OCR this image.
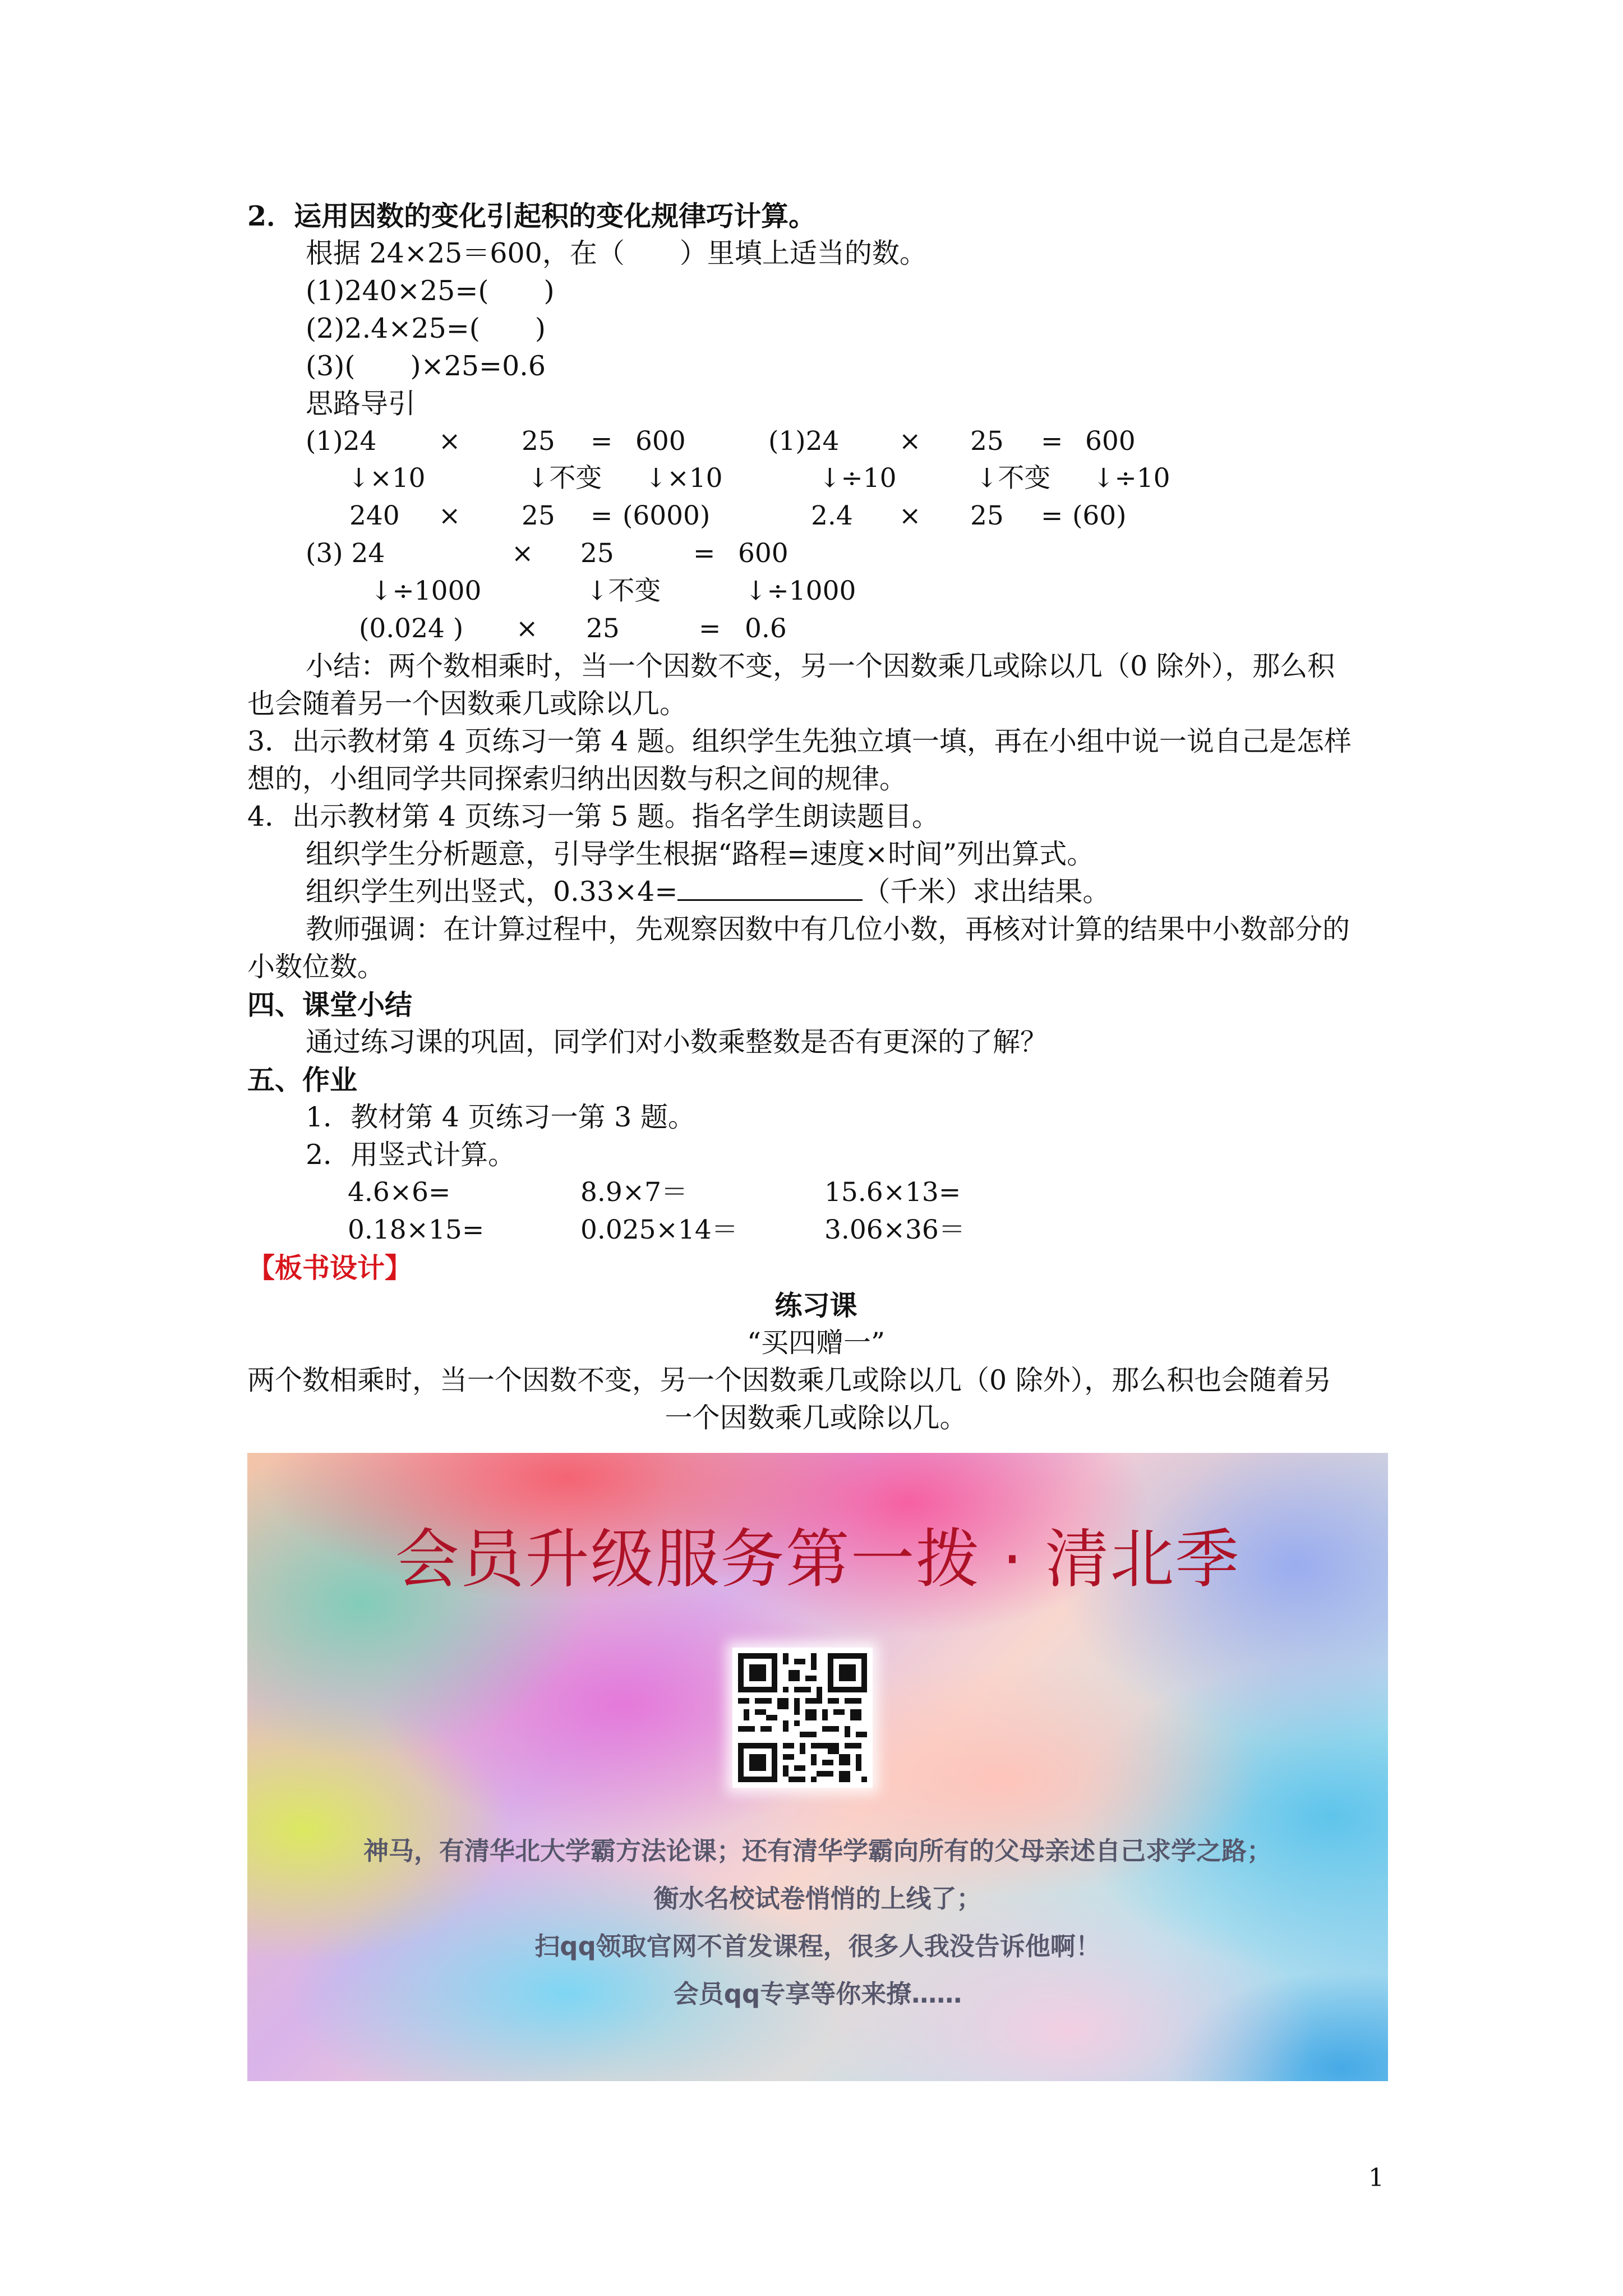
2．运用因数的变化引起积的变化规律巧计算。
根据 24×25＝600，在（　　）里填上适当的数。
(1)240×25=(　　)
(2)2.4×25=(　　)
(3)(　　)×25=0.6
思路导引
(1)24 × 25 = 600	(1)24 × 25 = 600
↓×10	↓不变 ↓×10	↓÷10	↓不变 ↓÷10
240 × 25 = (6000)	2.4 × 25 = (60)
(3) 24	× 25	= 600
↓÷1000	↓不变	↓÷1000
(0.024 ) × 25	= 0.6
小结：两个数相乘时，当一个因数不变，另一个因数乘几或除以几（0 除外），那么积
也会随着另一个因数乘几或除以几。
3．出示教材第 4 页练习一第 4 题。组织学生先独立填一填，再在小组中说一说自己是怎样
想的，小组同学共同探索归纳出因数与积之间的规律。
4．出示教材第 4 页练习一第 5 题。指名学生朗读题目。
组织学生分析题意，引导学生根据“路程=速度×时间”列出算式。
组织学生列出竖式，0.33×4=	（千米）求出结果。
教师强调：在计算过程中，先观察因数中有几位小数，再核对计算的结果中小数部分的
小数位数。
四、课堂小结
通过练习课的巩固，同学们对小数乘整数是否有更深的了解？
五、作业
1．教材第 4 页练习一第 3 题。
2．用竖式计算。
4.6×6=	8.9×7＝	15.6×13=
0.18×15=	0.025×14＝	3.06×36＝
【板书设计】
练习课
“买四赠一”
两个数相乘时，当一个因数不变，另一个因数乘几或除以几（0 除外），那么积也会随着另
一个因数乘几或除以几。
会员升级服务第一拨 · 清北季
神马，有清华北大学霸方法论课；还有清华学霸向所有的父母亲述自己求学之路；
衡水名校试卷悄悄的上线了；
扫qq领取官网不首发课程，很多人我没告诉他啊！
会员qq专享等你来撩……
1
